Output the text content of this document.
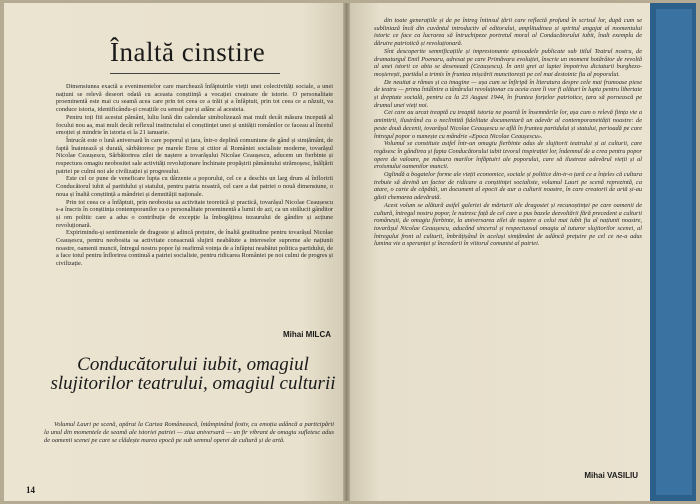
Înaltă cinstire

Dimensiunea exactă a evenimentelor care marchează înfăptuirile vieții unei colectivități sociale, a unei națiuni se relevă deseori odată cu aceasta conștiință a vocației creatoare de istorie. O personalitate proeminentă este mai cu seamă acea care prin tot ceea ce a trăit și a înfăptuit, prin tot ceea ce a năzuit, va conduce istoria, identificându-și creațiile cu sensul pur și adânc al acesteia.

Pentru toți fiii acestui pământ, luliu lună din calendar simbolizează mai mult decât măsura incepută al focului nou aa, mai mult decât reflexul instinctului el conștiinței unei și unității românilor ce faceau al încetul emoției și mindrie în istoria ei la 21 ianuarie.

Întrucât este o lună aniversară în care poporul și țara, într-o deplină comuniune de gând și simțământ, de faptă înaintează și durată, sărbătoresc pe marele Erou și ctitor al României socialiste moderne, tovarășul Nicolae Ceaușescu, Sărbătorirea zilei de naștere a tovarășului Nicolae Ceaușescu, aducem un fierbinte și respectuos omagiu neobositei sale activități revoluționare închinate propășirii pământului strămoșesc, înălțării patriei pe culmi noi ale civilizației și progresului.

Este cel ce pune de veneficare lupta cu dârzenie a poporului, cel ce a deschis un larg drum al înfloririi Conducătorul iubit al partidului și statului, pentru patria noastră, cel care a dat patriei o nouă dimensiune, o noua și înaltă conștiință a mândriei și demnității naționale.

Prin tot ceea ce a înfăptuit, prin neobosita sa activitate teoretică și practică, tovarășul Nicolae Ceaușescu s-a înscris în conștiința contemporanilor ca o personalitate proeminentă a lumii de azi, ca un strălucit gânditor și om politic care a adus o contribuție de excepție la îmbogățirea tezaurului de gândire și acțiune revoluționară.

Expirimindu-și sentimentele de dragoste și adincă prețuire, de înaltă gratitudine pentru tovarășul Nicolae Ceaușescu, pentru neobosita sa activitate consacrată slujirii neabătute a intereselor supreme ale națiunii noastre, oamenii muncii, întregul nostru popor își reafirmă voința de a înfăptui neabătut politica partidului, de a face totul pentru înflorirea continuă a patriei socialiste, pentru ridicarea României pe noi culmi de progres și civilizație.

Mihai MILCA
Conducătorului iubit, omagiul slujitorilor teatrului, omagiul culturii

Volumul Lauri pe scenă, apărut la Cartea Românească, întâmpinând festiv, cu emoția adâncă a participării la unul din momentele de seamă ale istoriei patriei — ziua aniversară — un fir vibrant de omagiu sufletesc adus de oamenii scenei pe care se clădește marea epocă pe sub semnul operei de cultură și de artă.

14

din toate generațiile și de pe întreg întinsul țării care reflectă profund în scrisul lor, după cum se subliniază încă din cuvântul introductiv al editorului, amplitudinea și spiritul angajat al momentului istoric ce face ca lucrarea să întruchipeze portretul moral al Conducătorului iubit, înalt exemplu de dăruire patriotică și revoluționară.

Sînt descoperite semnificațiile și impresionante episoadele publicate sub titlul Teatrul nostru, de dramaturgul Emil Poenaru, adresat pe care Primăvara evoluției, înscrie un moment hotărâtor de revoltă al unei istorii ce abia se desenează (Ceaușescu). În anii grei ai luptei împotriva dictaturii burghezo-moșierești, partidul a trimis în fruntea mișcării muncitorești pe cel mai destoinic fiu al poporului.

De neuitat a rămas și ca imagine — așa cum se înfiripă în literatura despre cele mai frumoase piese de teatru — prima întâlnire a tânărului revoluționar cu aceia care îi vor fi alături în lupta pentru libertate și dreptate socială, pentru ca la 23 August 1944, în fruntea forțelor patriotice, țara să pornească pe drumul unei vieți noi.

Cei care au urcat treaptă cu treaptă istoria ne poartă în însemnările lor, așa cum o relevă ființa vie a amintirii, ilustrând cu o neclintită fidelitate documentară un adevăr al contemporaneității noastre: de peste două decenii, tovarășul Nicolae Ceaușescu se află în fruntea partidului și statului, perioadă pe care întregul popor o numește cu mândrie «Epoca Nicolae Ceaușescu».

Volumul se constituie astfel într-un omagiu fierbinte adus de slujitorii teatrului și ai culturii, care regăsesc în gândirea și fapta Conducătorului iubit izvorul inspirației lor, îndemnul de a crea pentru popor opere de valoare, pe măsura marilor înfăptuiri ale poporului, care să ilustreze adevărul vieții și al eroismului oamenilor muncii.

Oglindă a bogatelor forme ale vieții economice, sociale și politice din-tr-o țară ce a înțeles că cultura trebuie să devină un factor de ridicare a conștiinței socialiste, volumul Lauri pe scenă reprezintă, ca atare, o carte de căpătâi, un document al epocii de aur a culturii noastre, în care creatorii de artă și-au găsit chemarea adevărată.

Acest volum se alătură astfel galeriei de mărturii ale dragostei și recunoștinței pe care oamenii de cultură, întregul nostru popor, le nutresc față de cel care a pus bazele dezvoltării fără precedent a culturii românești, de omagiu fierbinte, la aniversarea zilei de naștere a celui mai iubit fiu al națiunii noastre, tovarășul Nicolae Ceaușescu, aducând sincerul și respectuosul omagiu al tuturor slujitorilor scenei, al întregului front al culturii, îmbrățișând în același simțământ de adâncă prețuire pe cel ce ne-a adus lumina vie a speranței și încrederii în viitorul comunist al patriei.

Mihai VASILIU
